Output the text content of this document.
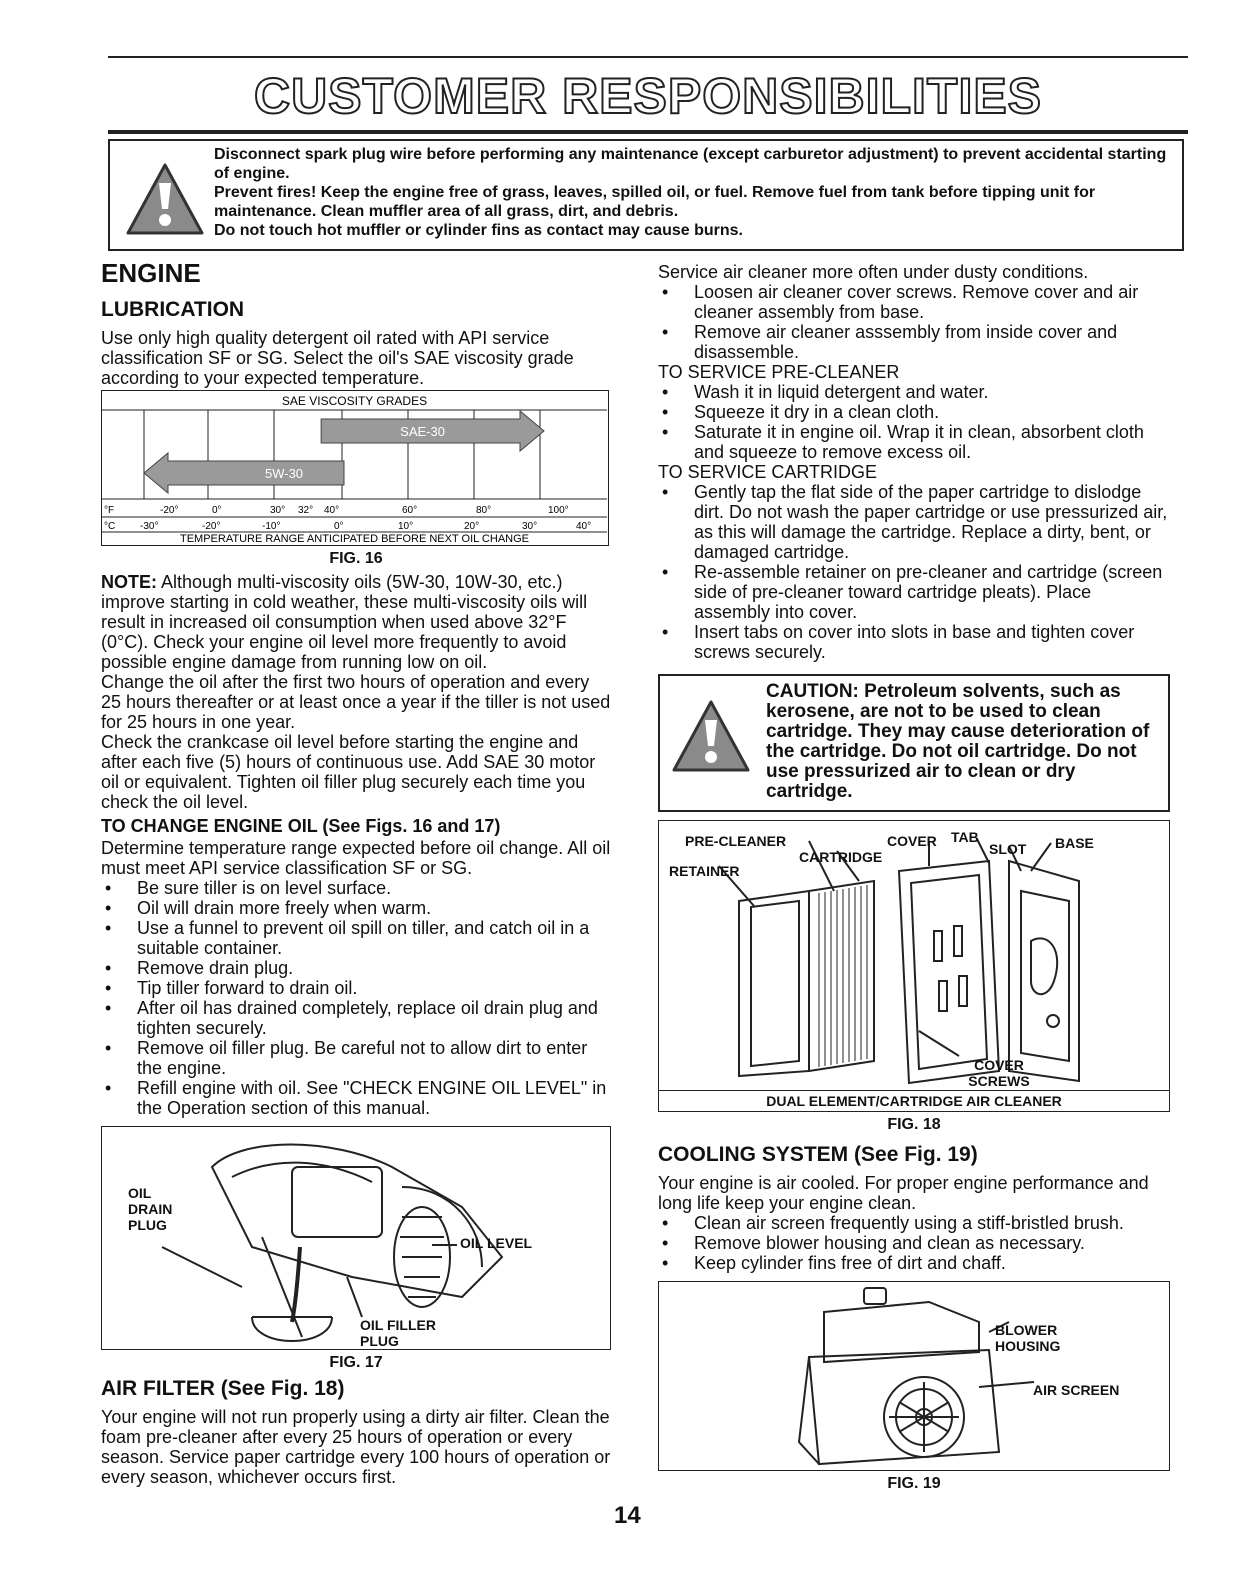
CUSTOMER RESPONSIBILITIES

Disconnect spark plug wire before performing any maintenance (except carburetor adjustment) to prevent accidental starting of engine.

Prevent fires! Keep the engine free of grass, leaves, spilled oil, or fuel. Remove fuel from tank before tipping unit for maintenance. Clean muffler area of all grass, dirt, and debris.

Do not touch hot muffler or cylinder fins as contact may cause burns.

ENGINE
LUBRICATION

Use only high quality detergent oil rated with API service classification SF or SG. Select the oil's SAE viscosity grade according to your expected temperature.

SAE VISCOSITY GRADES
5W-30
SAE-30
°F	-20°	0°	30° 32° 40°	60°	80°	100°
°C -30°	-20°	-10°	0°	10°	20°	30°	40°
TEMPERATURE RANGE ANTICIPATED BEFORE NEXT OIL CHANGE
FIG. 16

NOTE: Although multi-viscosity oils (5W-30, 10W-30, etc.) improve starting in cold weather, these multi-viscosity oils will result in increased oil consumption when used above 32°F (0°C). Check your engine oil level more frequently to avoid possible engine damage from running low on oil.

Change the oil after the first two hours of operation and every 25 hours thereafter or at least once a year if the tiller is not used for 25 hours in one year.

Check the crankcase oil level before starting the engine and after each five (5) hours of continuous use. Add SAE 30 motor oil or equivalent. Tighten oil filler plug securely each time you check the oil level.

TO CHANGE ENGINE OIL (See Figs. 16 and 17)

Determine temperature range expected before oil change. All oil must meet API service classification SF or SG.

• Be sure tiller is on level surface.
• Oil will drain more freely when warm.
• Use a funnel to prevent oil spill on tiller, and catch oil in a suitable container.
• Remove drain plug.
• Tip tiller forward to drain oil.
• After oil has drained completely, replace oil drain plug and tighten securely.
• Remove oil filler plug. Be careful not to allow dirt to enter the engine.
• Refill engine with oil. See "CHECK ENGINE OIL LEVEL" in the Operation section of this manual.
OIL DRAIN PLUG
OIL LEVEL
OIL FILLER PLUG
FIG. 17
AIR FILTER (See Fig. 18)

Your engine will not run properly using a dirty air filter. Clean the foam pre-cleaner after every 25 hours of operation or every season. Service paper cartridge every 100 hours of operation or every season, whichever occurs first.

14

Service air cleaner more often under dusty conditions.

• Loosen air cleaner cover screws. Remove cover and air cleaner assembly from base.
• Remove air cleaner asssembly from inside cover and disassemble.

TO SERVICE PRE-CLEANER

• Wash it in liquid detergent and water.
• Squeeze it dry in a clean cloth.
• Saturate it in engine oil. Wrap it in clean, absorbent cloth and squeeze to remove excess oil.

TO SERVICE CARTRIDGE

• Gently tap the flat side of the paper cartridge to dislodge dirt. Do not wash the paper cartridge or use pressurized air, as this will damage the cartridge. Replace a dirty, bent, or damaged cartridge.
• Re-assemble retainer on pre-cleaner and cartridge (screen side of pre-cleaner toward cartridge pleats). Place assembly into cover.
• Insert tabs on cover into slots in base and tighten cover screws securely.
CAUTION: Petroleum solvents, such as kerosene, are not to be used to clean cartridge. They may cause deterioration of the cartridge. Do not oil cartridge. Do not use pressurized air to clean or dry cartridge.
PRE-CLEANER	COVER TAB
SLOT BASE
CARTRIDGE
RETAINER
COVER SCREWS
DUAL ELEMENT/CARTRIDGE AIR CLEANER
FIG. 18
COOLING SYSTEM (See Fig. 19)

Your engine is air cooled. For proper engine performance and long life keep your engine clean.

• Clean air screen frequently using a stiff-bristled brush.
• Remove blower housing and clean as necessary.
• Keep cylinder fins free of dirt and chaff.
BLOWER HOUSING
AIR SCREEN
FIG. 19
